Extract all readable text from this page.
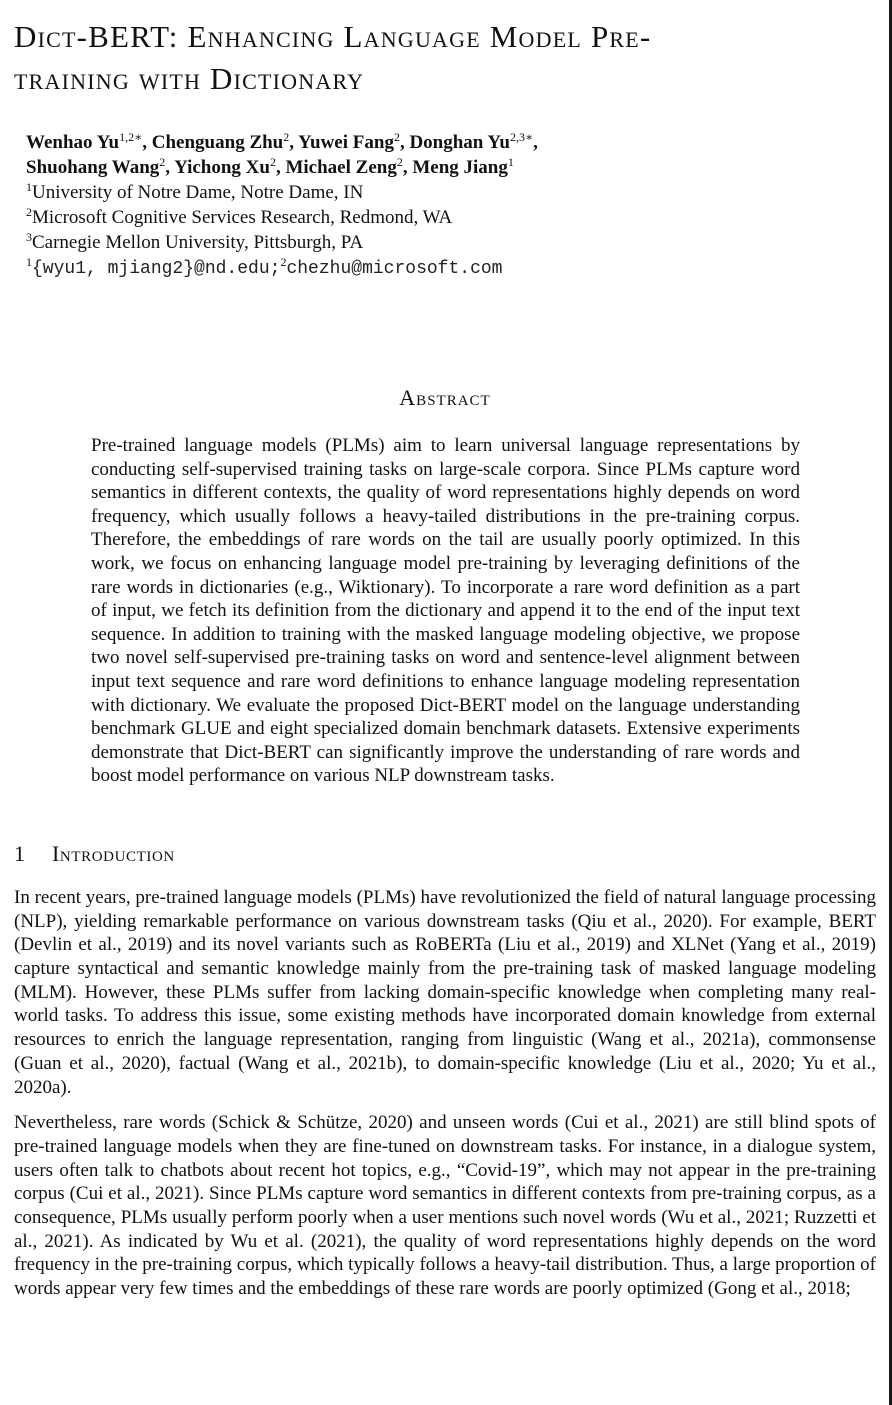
Dict-BERT: Enhancing Language Model Pre-
training with Dictionary
Wenhao $Yu^{1,2∗}$, Chenguang Zhu$^2$, Yuwei Fang$^2$, Donghan $Yu^{2,3∗}$,
Shuohang Wang$^2$, Yichong Xu$^2$, Michael Zeng$^2$, Meng Jiang$^1$
$^1$University of Notre Dame, Notre Dame, IN
$^2$Microsoft Cognitive Services Research, Redmond, WA
$^3$Carnegie Mellon University, Pittsburgh, PA
$^1${wyu1, mjiang2}@nd.edu;$^2$chezhu@microsoft.com
Abstract
Pre-trained language models (PLMs) aim to learn universal language representations by conducting self-supervised training tasks on large-scale corpora. Since PLMs capture word semantics in different contexts, the quality of word representations highly depends on word frequency, which usually follows a heavy-tailed distributions in the pre-training corpus. Therefore, the embeddings of rare words on the tail are usually poorly optimized. In this work, we focus on enhancing language model pre-training by leveraging definitions of the rare words in dictionaries (e.g., Wiktionary). To incorporate a rare word definition as a part of input, we fetch its definition from the dictionary and append it to the end of the input text sequence. In addition to training with the masked language modeling objective, we propose two novel self-supervised pre-training tasks on word and sentence-level alignment between input text sequence and rare word definitions to enhance language modeling representation with dictionary. We evaluate the proposed Dict-BERT model on the language understanding benchmark GLUE and eight specialized domain benchmark datasets. Extensive experiments demonstrate that Dict-BERT can significantly improve the understanding of rare words and boost model performance on various NLP downstream tasks.
1 Introduction
In recent years, pre-trained language models (PLMs) have revolutionized the field of natural language processing (NLP), yielding remarkable performance on various downstream tasks (Qiu et al., 2020). For example, BERT (Devlin et al., 2019) and its novel variants such as RoBERTa (Liu et al., 2019) and XLNet (Yang et al., 2019) capture syntactical and semantic knowledge mainly from the pre-training task of masked language modeling (MLM). However, these PLMs suffer from lacking domain-specific knowledge when completing many real-world tasks. To address this issue, some existing methods have incorporated domain knowledge from external resources to enrich the language representation, ranging from linguistic (Wang et al., 2021a), commonsense (Guan et al., 2020), factual (Wang et al., 2021b), to domain-specific knowledge (Liu et al., 2020; Yu et al., 2020a).
Nevertheless, rare words (Schick & Schütze, 2020) and unseen words (Cui et al., 2021) are still blind spots of pre-trained language models when they are fine-tuned on downstream tasks. For instance, in a dialogue system, users often talk to chatbots about recent hot topics, e.g., “Covid-19”, which may not appear in the pre-training corpus (Cui et al., 2021). Since PLMs capture word semantics in different contexts from pre-training corpus, as a consequence, PLMs usually perform poorly when a user mentions such novel words (Wu et al., 2021; Ruzzetti et al., 2021). As indicated by Wu et al. (2021), the quality of word representations highly depends on the word frequency in the pre-training corpus, which typically follows a heavy-tail distribution. Thus, a large proportion of words appear very few times and the embeddings of these rare words are poorly optimized (Gong et al., 2018;
